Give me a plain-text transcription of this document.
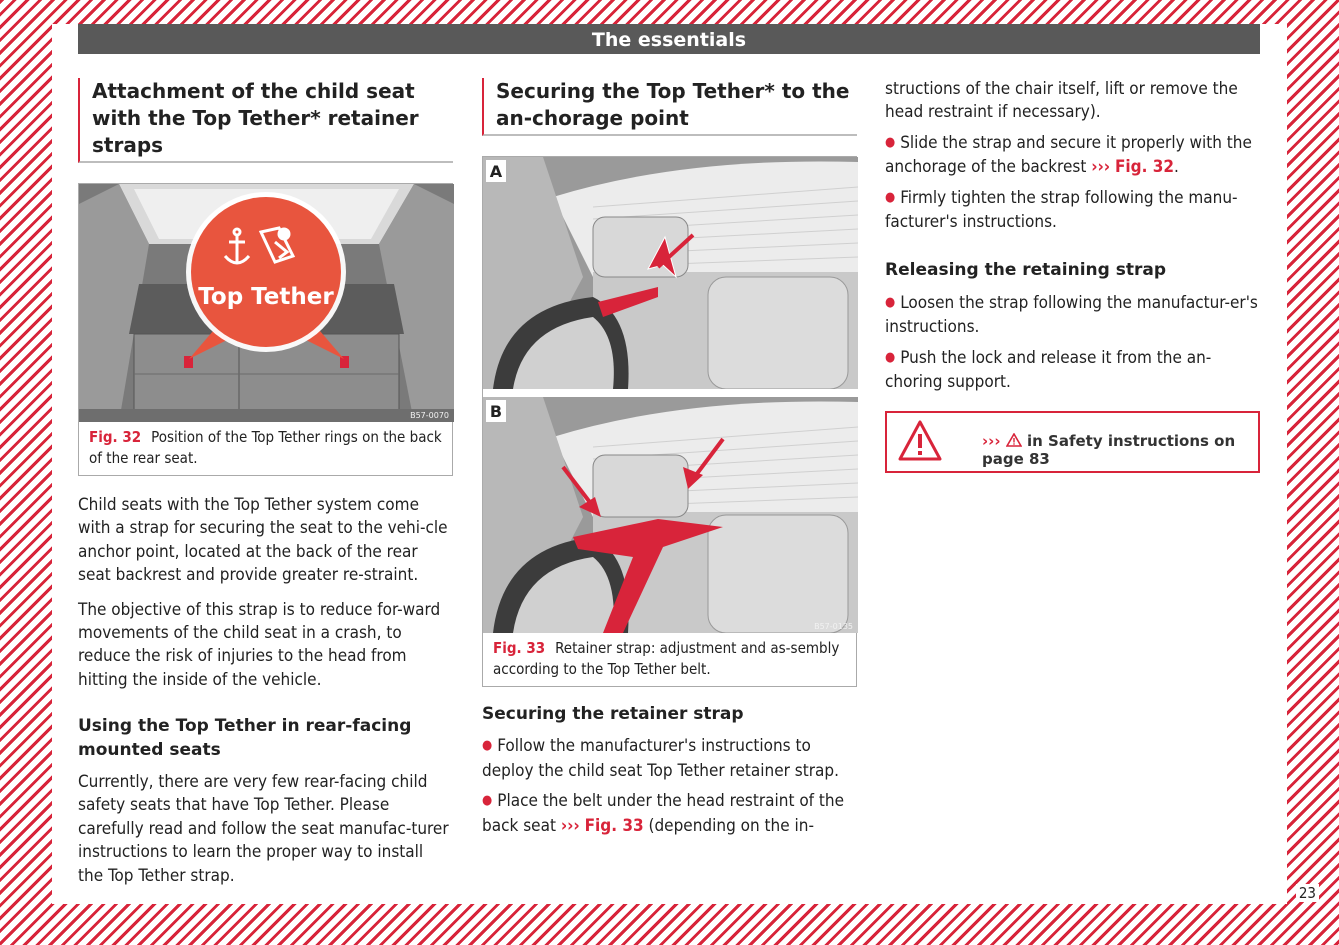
The essentials
Attachment of the child seat with the Top Tether* retainer straps
Top Tether
B57-0070
Fig. 32 Position of the Top Tether rings on the back of the rear seat.

Child seats with the Top Tether system come with a strap for securing the seat to the vehi-cle anchor point, located at the back of the rear seat backrest and provide greater re-straint.

The objective of this strap is to reduce for-ward movements of the child seat in a crash, to reduce the risk of injuries to the head from hitting the inside of the vehicle.

Using the Top Tether in rear-facing mounted seats

Currently, there are very few rear-facing child safety seats that have Top Tether. Please carefully read and follow the seat manufac-turer instructions to learn the proper way to install the Top Tether strap.

Securing the Top Tether* to the an-chorage point
A
B
B57-0135
Fig. 33 Retainer strap: adjustment and as-sembly according to the Top Tether belt.
Securing the retainer strap

● Follow the manufacturer's instructions to deploy the child seat Top Tether retainer strap.

● Place the belt under the head restraint of the back seat ››› Fig. 33 (depending on the in-

structions of the chair itself, lift or remove the head restraint if necessary).

● Slide the strap and secure it properly with the anchorage of the backrest ››› Fig. 32.

● Firmly tighten the strap following the manu-facturer's instructions.

Releasing the retaining strap

● Loosen the strap following the manufactur-er's instructions.

● Push the lock and release it from the an-choring support.

››› in Safety instructions on page 83
23
